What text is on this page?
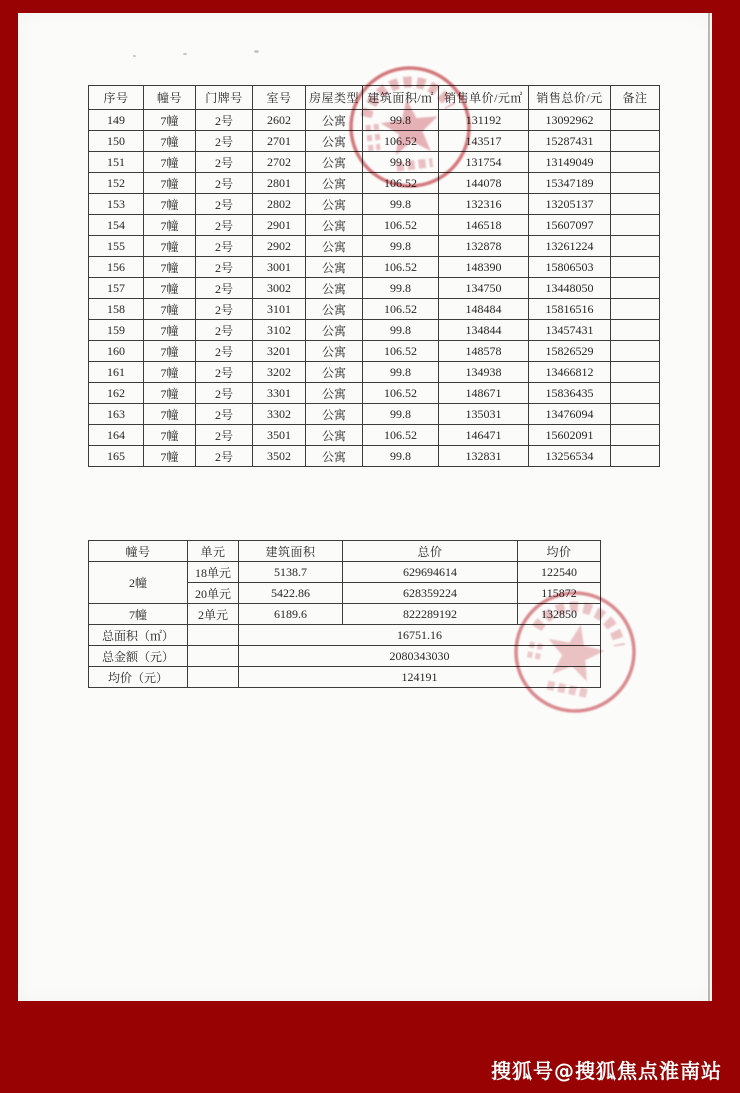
序号	幢号	门牌号	室号	房屋类型	建筑面积/㎡	销售单价/元㎡	销售总价/元	备注
149	7幢	2号	2602	公寓	99.8	131192	13092962	
150	7幢	2号	2701	公寓	106.52	143517	15287431	
151	7幢	2号	2702	公寓	99.8	131754	13149049	
152	7幢	2号	2801	公寓	106.52	144078	15347189	
153	7幢	2号	2802	公寓	99.8	132316	13205137	
154	7幢	2号	2901	公寓	106.52	146518	15607097	
155	7幢	2号	2902	公寓	99.8	132878	13261224	
156	7幢	2号	3001	公寓	106.52	148390	15806503	
157	7幢	2号	3002	公寓	99.8	134750	13448050	
158	7幢	2号	3101	公寓	106.52	148484	15816516	
159	7幢	2号	3102	公寓	99.8	134844	13457431	
160	7幢	2号	3201	公寓	106.52	148578	15826529	
161	7幢	2号	3202	公寓	99.8	134938	13466812	
162	7幢	2号	3301	公寓	106.52	148671	15836435	
163	7幢	2号	3302	公寓	99.8	135031	13476094	
164	7幢	2号	3501	公寓	106.52	146471	15602091	
165	7幢	2号	3502	公寓	99.8	132831	13256534	
幢号	单元	建筑面积	总价	均价
2幢	18单元	5138.7	629694614	122540
	20单元	5422.86	628359224	115872
7幢	2单元	6189.6	822289192	132850
总面积（㎡）		16751.16		
总金额（元）		2080343030		
均价（元）		124191		
搜狐号@搜狐焦点淮南站
